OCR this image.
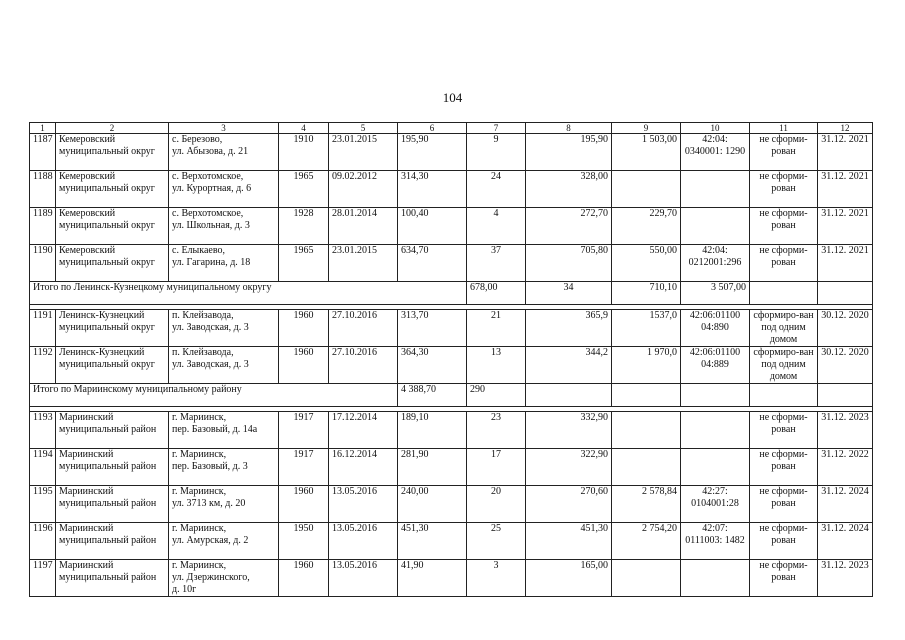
104
1	2	3	4	5	6	7	8	9	10	11	12
1187	Кемеровский муниципальный округ	с. Березово,
ул. Абызова, д. 21	1910	23.01.2015	195,90	9	195,90	1 503,00	42:04: 0340001: 1290	не сформи-рован	31.12. 2021
1188	Кемеровский муниципальный округ	с. Верхотомское,
ул. Курортная, д. 6	1965	09.02.2012	314,30	24	328,00			не сформи-рован	31.12. 2021
1189	Кемеровский муниципальный округ	с. Верхотомское,
ул. Школьная, д. 3	1928	28.01.2014	100,40	4	272,70	229,70		не сформи-рован	31.12. 2021
1190	Кемеровский муниципальный округ	с. Елыкаево,
ул. Гагарина, д. 18	1965	23.01.2015	634,70	37	705,80	550,00	42:04: 0212001:296	не сформи-рован	31.12. 2021
Итого по Ленинск-Кузнецкому муниципальному округу						678,00	34	710,10	3 507,00		

1191	Ленинск-Кузнецкий муниципальный округ	п. Клейзавода,
ул. Заводская, д. 3	1960	27.10.2016	313,70	21	365,9	1537,0	42:06:01100 04:890	сформиро-ван под одним домом	30.12. 2020
1192	Ленинск-Кузнецкий муниципальный округ	п. Клейзавода,
ул. Заводская, д. 3	1960	27.10.2016	364,30	13	344,2	1 970,0	42:06:01100 04:889	сформиро-ван под одним домом	30.12. 2020
Итого по Мариинскому муниципальному району					4 388,70	290					

1193	Мариинский муниципальный район	г. Мариинск,
пер. Базовый, д. 14а	1917	17.12.2014	189,10	23	332,90			не сформи-рован	31.12. 2023
1194	Мариинский муниципальный район	г. Мариинск,
пер. Базовый, д. 3	1917	16.12.2014	281,90	17	322,90			не сформи-рован	31.12. 2022
1195	Мариинский муниципальный район	г. Мариинск,
ул. 3713 км, д. 20	1960	13.05.2016	240,00	20	270,60	2 578,84	42:27: 0104001:28	не сформи-рован	31.12. 2024
1196	Мариинский муниципальный район	г. Мариинск,
ул. Амурская, д. 2	1950	13.05.2016	451,30	25	451,30	2 754,20	42:07: 0111003: 1482	не сформи-рован	31.12. 2024
1197	Мариинский муниципальный район	г. Мариинск,
ул. Дзержинского,
д. 10г	1960	13.05.2016	41,90	3	165,00			не сформи-рован	31.12. 2023
